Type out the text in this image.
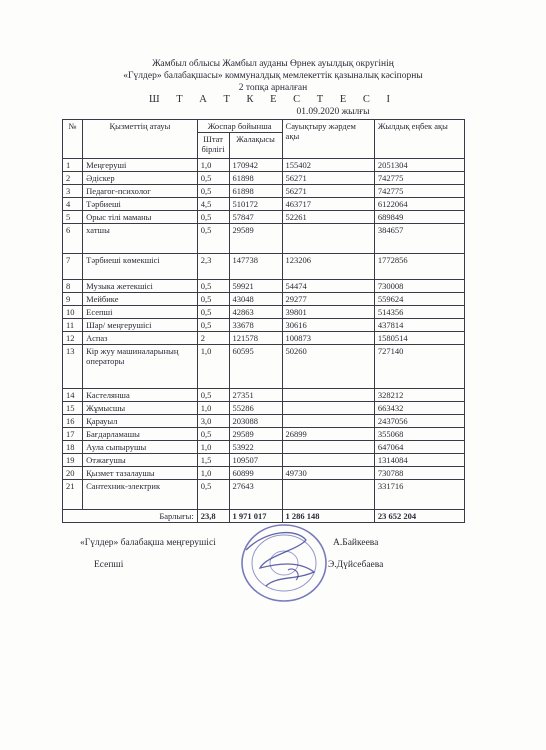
Жамбыл облысы Жамбыл ауданы Өрнек ауылдық округінің
«Гүлдер» балабақшасы» коммуналдық мемлекеттік қазыналық кәсіпорны
2 топқа арналған
Ш Т А Т К Е С Т Е С І
01.09.2020 жылғы
№	Қызметтің атауы	Жоспар бойынша		Сауықтыру жәрдем ақы	Жылдық еңбек ақы
		Штат бірлігі	Жалақысы		
1	Меңгеруші	1,0	170942	155402	2051304
2	Әдіскер	0,5	61898	56271	742775
3	Педагог-психолог	0,5	61898	56271	742775
4	Тәрбиеші	4,5	510172	463717	6122064
5	Орыс тілі маманы	0,5	57847	52261	689849
6	хатшы	0,5	29589		384657
7	Тәрбиеші көмекшісі	2,3	147738	123206	1772856
8	Музыка жетекшісі	0,5	59921	54474	730008
9	Мейбике	0,5	43048	29277	559624
10	Есепші	0,5	42863	39801	514356
11	Шар/ меңгерушісі	0,5	33678	30616	437814
12	Аспаз	2	121578	100873	1580514
13	Кір жуу машиналарының операторы	1,0	60595	50260	727140
14	Кастелянша	0,5	27351		328212
15	Жұмысшы	1,0	55286		663432
16	Қарауыл	3,0	203088		2437056
17	Бағдарламашы	0,5	29589	26899	355068
18	Аула сыпырушы	1,0	53922		647064
19	Отжағушы	1,5	109507		1314084
20	Қызмет тазалаушы	1,0	60899	49730	730788
21	Сантехник-электрик	0,5	27643		331716
Барлығы:		23,8	1 971 017	1 286 148	23 652 204
«Гүлдер» балабақша меңгерушісі
Есепші
А.Байкеева
Э.Дүйсебаева
